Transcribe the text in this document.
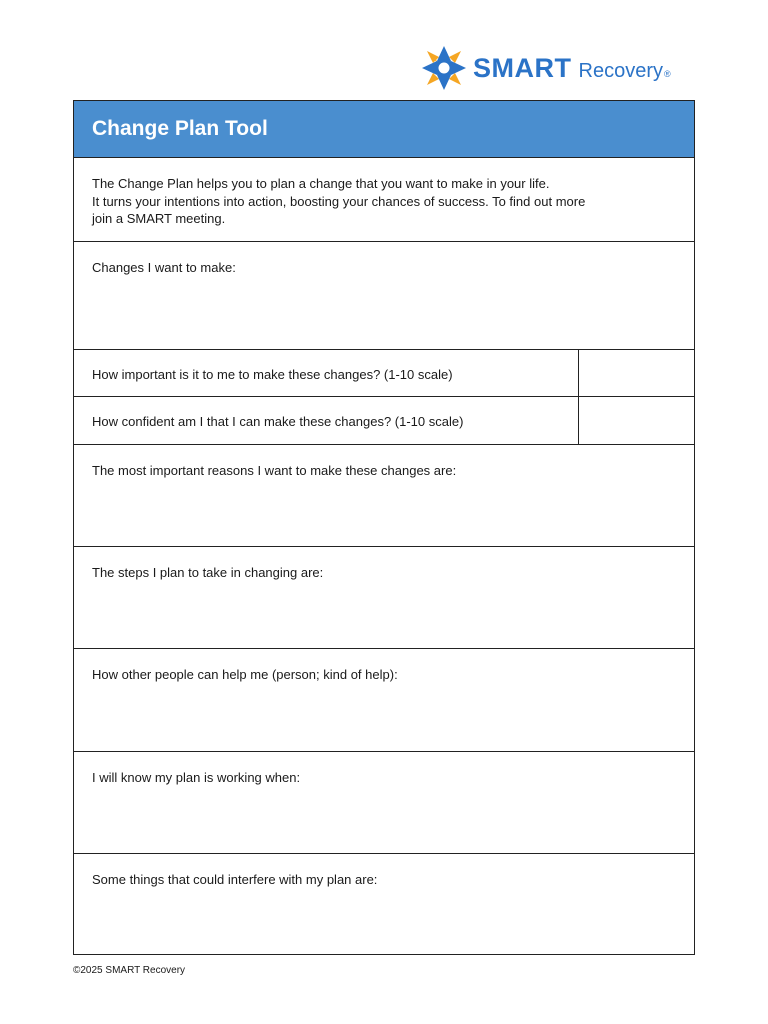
SMART Recovery ®
Change Plan Tool
The Change Plan helps you to plan a change that you want to make in your life.
It turns your intentions into action, boosting your chances of success. To find out more
join a SMART meeting.
Changes I want to make:
How important is it to me to make these changes? (1-10 scale)
How confident am I that I can make these changes? (1-10 scale)
The most important reasons I want to make these changes are:
The steps I plan to take in changing are:
How other people can help me (person; kind of help):
I will know my plan is working when:
Some things that could interfere with my plan are:
©2025 SMART Recovery
